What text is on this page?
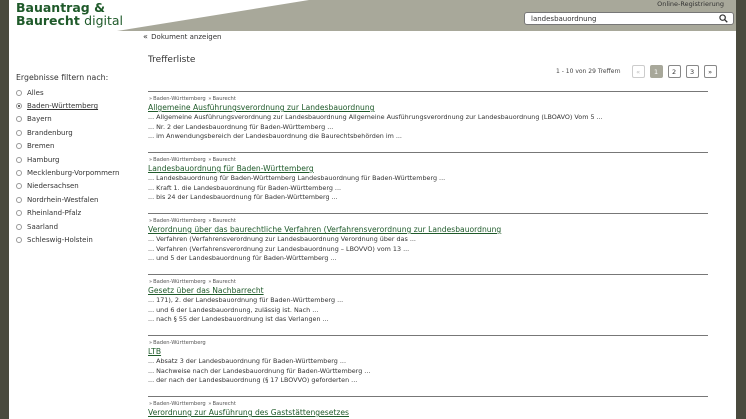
Bauantrag &
Baurecht digital
Online-Registrierung
landesbauordnung
« Dokument anzeigen
Ergebnisse filtern nach:
Alles
Baden-Württemberg
Bayern
Brandenburg
Bremen
Hamburg
Mecklenburg-Vorpommern
Niedersachsen
Nordrhein-Westfalen
Rheinland-Pfalz
Saarland
Schleswig-Holstein
Trefferliste
1 - 10 von 29 Treffern	«	1	2	3	»
»Baden-Württemberg »Baurecht
Allgemeine Ausführungsverordnung zur Landesbauordnung
... Allgemeine Ausführungsverordnung zur Landesbauordnung Allgemeine Ausführungsverordnung zur Landesbauordnung (LBOAVO) Vom 5 ...
... Nr. 2 der Landesbauordnung für Baden-Württemberg ...
... im Anwendungsbereich der Landesbauordnung die Baurechtsbehörden im ...
»Baden-Württemberg »Baurecht
Landesbauordnung für Baden-Württemberg
... Landesbauordnung für Baden-Württemberg Landesbauordnung für Baden-Württemberg ...
... Kraft 1. die Landesbauordnung für Baden-Württemberg ...
... bis 24 der Landesbauordnung für Baden-Württemberg ...
»Baden-Württemberg »Baurecht
Verordnung über das baurechtliche Verfahren (Verfahrensverordnung zur Landesbauordnung
... Verfahren (Verfahrensverordnung zur Landesbauordnung Verordnung über das ...
... Verfahren (Verfahrensverordnung zur Landesbauordnung – LBOVVO) vom 13 ...
... und 5 der Landesbauordnung für Baden-Württemberg ...
»Baden-Württemberg »Baurecht
Gesetz über das Nachbarrecht
... 171), 2. der Landesbauordnung für Baden-Württemberg ...
... und 6 der Landesbauordnung, zulässig ist. Nach ...
... nach § 55 der Landesbauordnung ist das Verlangen ...
»Baden-Württemberg
LTB
... Absatz 3 der Landesbauordnung für Baden-Württemberg ...
... Nachweise nach der Landesbauordnung für Baden-Württemberg ...
... der nach der Landesbauordnung (§ 17 LBOVVO) geforderten ...
»Baden-Württemberg »Baurecht
Verordnung zur Ausführung des Gaststättengesetzes
